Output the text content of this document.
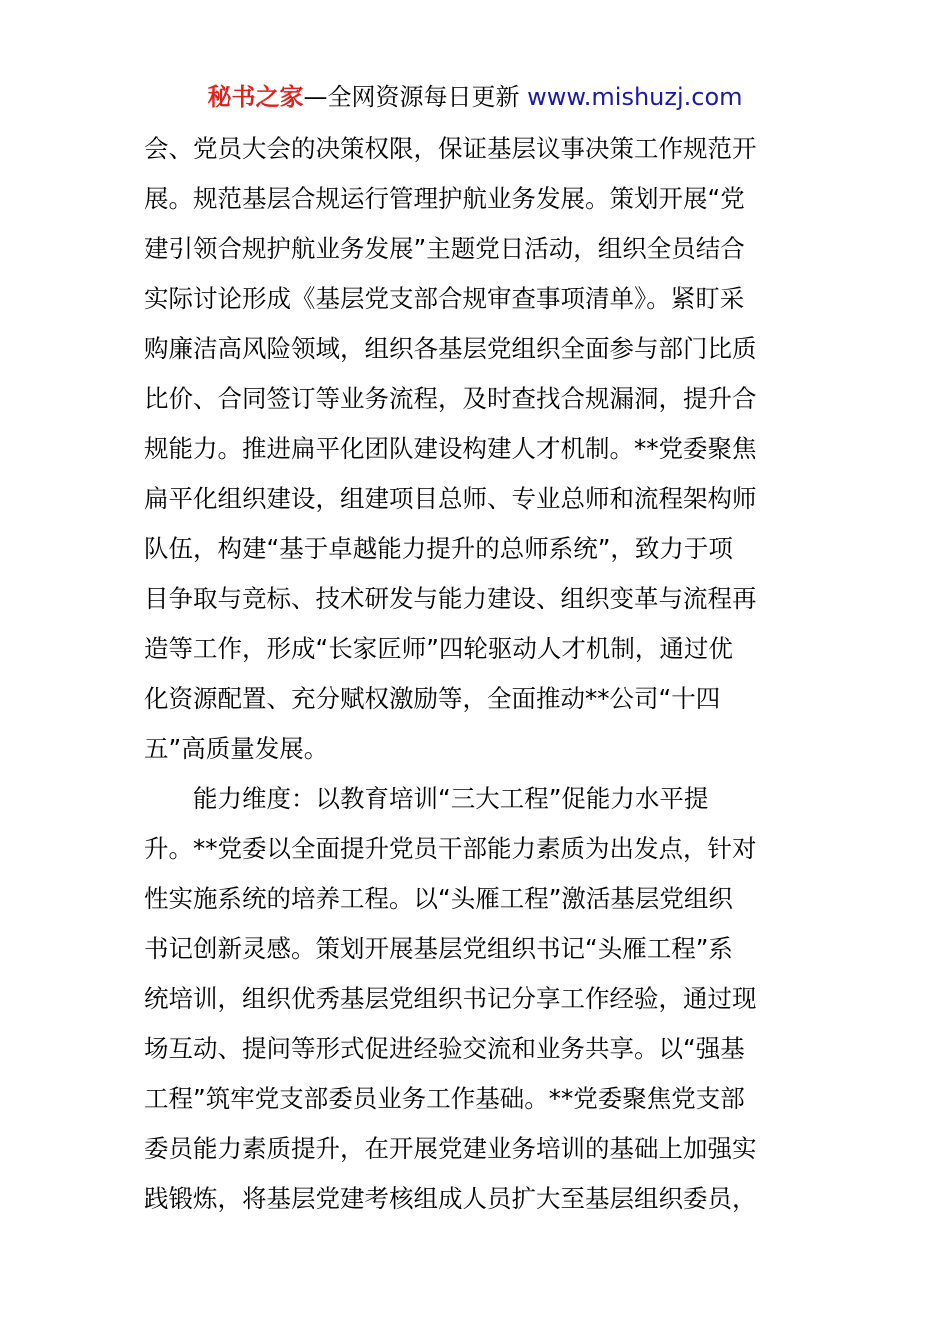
秘书之家—全网资源每日更新 www.mishuzj.com
会、党员大会的决策权限，保证基层议事决策工作规范开
展。规范基层合规运行管理护航业务发展。策划开展“党
建引领合规护航业务发展”主题党日活动，组织全员结合
实际讨论形成《基层党支部合规审查事项清单》。紧盯采
购廉洁高风险领域，组织各基层党组织全面参与部门比质
比价、合同签订等业务流程，及时查找合规漏洞，提升合
规能力。推进扁平化团队建设构建人才机制。**党委聚焦
扁平化组织建设，组建项目总师、专业总师和流程架构师
队伍，构建“基于卓越能力提升的总师系统”，致力于项
目争取与竞标、技术研发与能力建设、组织变革与流程再
造等工作，形成“长家匠师”四轮驱动人才机制，通过优
化资源配置、充分赋权激励等，全面推动**公司“十四
五”高质量发展。
能力维度：以教育培训“三大工程”促能力水平提
升。**党委以全面提升党员干部能力素质为出发点，针对
性实施系统的培养工程。以“头雁工程”激活基层党组织
书记创新灵感。策划开展基层党组织书记“头雁工程”系
统培训，组织优秀基层党组织书记分享工作经验，通过现
场互动、提问等形式促进经验交流和业务共享。以“强基
工程”筑牢党支部委员业务工作基础。**党委聚焦党支部
委员能力素质提升，在开展党建业务培训的基础上加强实
践锻炼，将基层党建考核组成人员扩大至基层组织委员，
